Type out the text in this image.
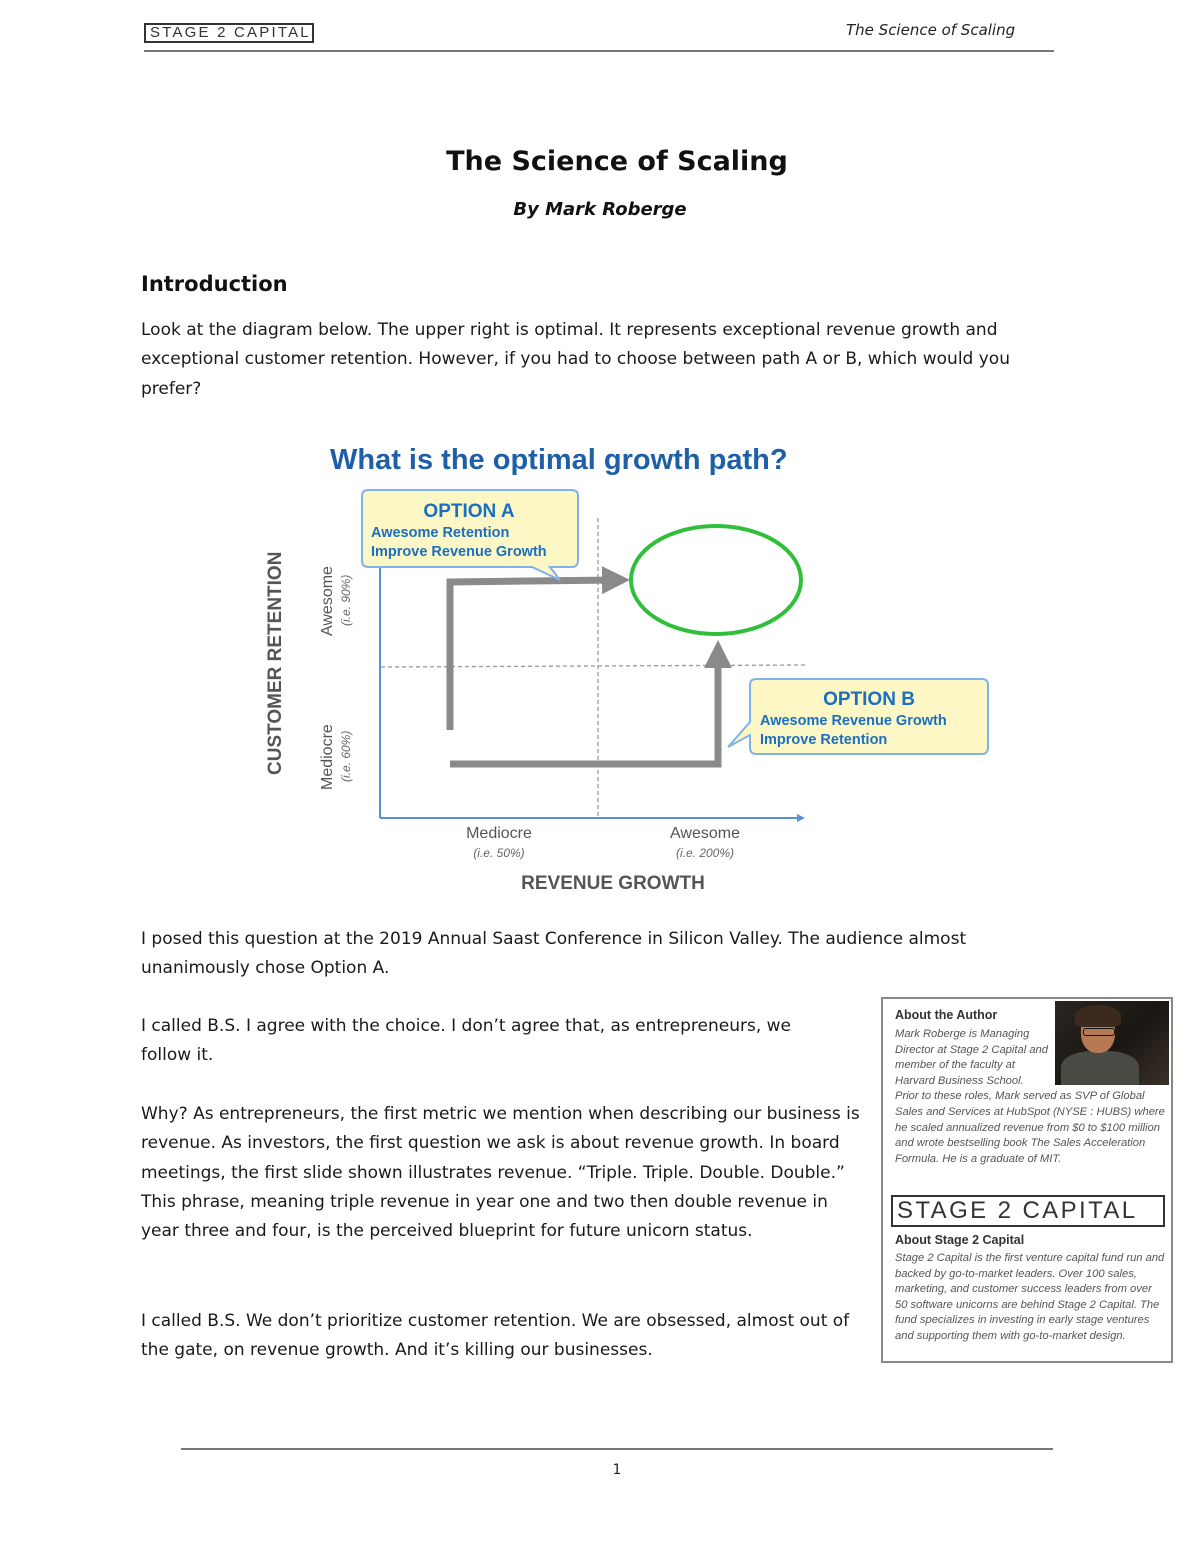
STAGE 2 CAPITAL	The Science of Scaling
The Science of Scaling
By Mark Roberge
Introduction

Look at the diagram below. The upper right is optimal. It represents exceptional revenue growth and exceptional customer retention. However, if you had to choose between path A or B, which would you prefer?

What is the optimal growth path?
OPTION A
Awesome Retention
Improve Revenue Growth
OPTION B
Awesome Revenue Growth
Improve Retention
CUSTOMER RETENTION Awesome (i.e. 90%)
Mediocre (i.e. 60%)
Mediocre
(i.e. 50%)
Awesome
(i.e. 200%)
REVENUE GROWTH

I posed this question at the 2019 Annual Saast Conference in Silicon Valley. The audience almost unanimously chose Option A.

I called B.S. I agree with the choice. I don’t agree that, as entrepreneurs, we follow it.

Why? As entrepreneurs, the first metric we mention when describing our business is revenue. As investors, the first question we ask is about revenue growth. In board meetings, the first slide shown illustrates revenue. “Triple. Triple. Double. Double.” This phrase, meaning triple revenue in year one and two then double revenue in year three and four, is the perceived blueprint for future unicorn status.

I called B.S. We don’t prioritize customer retention. We are obsessed, almost out of the gate, on revenue growth. And it’s killing our businesses.

About the Author

Mark Roberge is Managing Director at Stage 2 Capital and member of the faculty at Harvard Business School. Prior to these roles, Mark served as SVP of Global Sales and Services at HubSpot (NYSE : HUBS) where he scaled annualized revenue from $0 to $100 million and wrote bestselling book The Sales Acceleration Formula. He is a graduate of MIT.

STAGE 2 CAPITAL
About Stage 2 Capital

Stage 2 Capital is the first venture capital fund run and backed by go-to-market leaders. Over 100 sales, marketing, and customer success leaders from over 50 software unicorns are behind Stage 2 Capital. The fund specializes in investing in early stage ventures and supporting them with go-to-market design.

1
